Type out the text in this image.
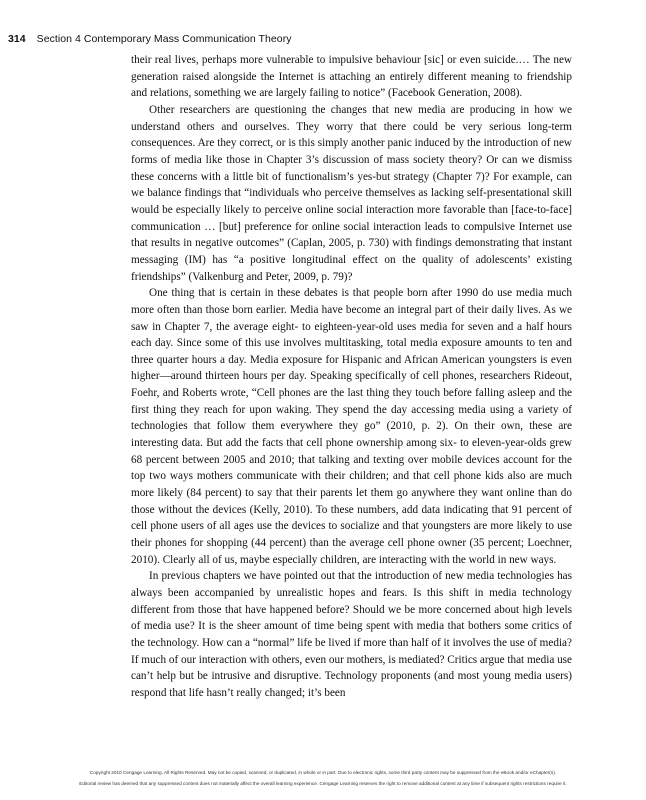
314 Section 4 Contemporary Mass Communication Theory

their real lives, perhaps more vulnerable to impulsive behaviour [sic] or even suicide.… The new generation raised alongside the Internet is attaching an entirely different meaning to friendship and relations, something we are largely failing to notice” (Facebook Generation, 2008).

Other researchers are questioning the changes that new media are producing in how we understand others and ourselves. They worry that there could be very serious long-term consequences. Are they correct, or is this simply another panic induced by the introduction of new forms of media like those in Chapter 3’s discussion of mass society theory? Or can we dismiss these concerns with a little bit of functionalism’s yes-but strategy (Chapter 7)? For example, can we balance findings that “individuals who perceive themselves as lacking self-presentational skill would be especially likely to perceive online social interaction more favorable than [face-to-face] communication … [but] preference for online social interaction leads to compulsive Internet use that results in negative outcomes” (Caplan, 2005, p. 730) with findings demonstrating that instant messaging (IM) has “a positive longitudinal effect on the quality of adolescents’ existing friendships” (Valkenburg and Peter, 2009, p. 79)?

One thing that is certain in these debates is that people born after 1990 do use media much more often than those born earlier. Media have become an integral part of their daily lives. As we saw in Chapter 7, the average eight- to eighteen-year-old uses media for seven and a half hours each day. Since some of this use involves multitasking, total media exposure amounts to ten and three quarter hours a day. Media exposure for Hispanic and African American youngsters is even higher—around thirteen hours per day. Speaking specifically of cell phones, researchers Rideout, Foehr, and Roberts wrote, “Cell phones are the last thing they touch before falling asleep and the first thing they reach for upon waking. They spend the day accessing media using a variety of technologies that follow them everywhere they go” (2010, p. 2). On their own, these are interesting data. But add the facts that cell phone ownership among six- to eleven-year-olds grew 68 percent between 2005 and 2010; that talking and texting over mobile devices account for the top two ways mothers communicate with their children; and that cell phone kids also are much more likely (84 percent) to say that their parents let them go anywhere they want online than do those without the devices (Kelly, 2010). To these numbers, add data indicating that 91 percent of cell phone users of all ages use the devices to socialize and that youngsters are more likely to use their phones for shopping (44 percent) than the average cell phone owner (35 percent; Loechner, 2010). Clearly all of us, maybe especially children, are interacting with the world in new ways.

In previous chapters we have pointed out that the introduction of new media technologies has always been accompanied by unrealistic hopes and fears. Is this shift in media technology different from those that have happened before? Should we be more concerned about high levels of media use? It is the sheer amount of time being spent with media that bothers some critics of the technology. How can a “normal” life be lived if more than half of it involves the use of media? If much of our interaction with others, even our mothers, is mediated? Critics argue that media use can’t help but be intrusive and disruptive. Technology proponents (and most young media users) respond that life hasn’t really changed; it’s been

Copyright 2010 Cengage Learning. All Rights Reserved. May not be copied, scanned, or duplicated, in whole or in part. Due to electronic rights, some third party content may be suppressed from the eBook and/or eChapter(s).
Editorial review has deemed that any suppressed content does not materially affect the overall learning experience. Cengage Learning reserves the right to remove additional content at any time if subsequent rights restrictions require it.
